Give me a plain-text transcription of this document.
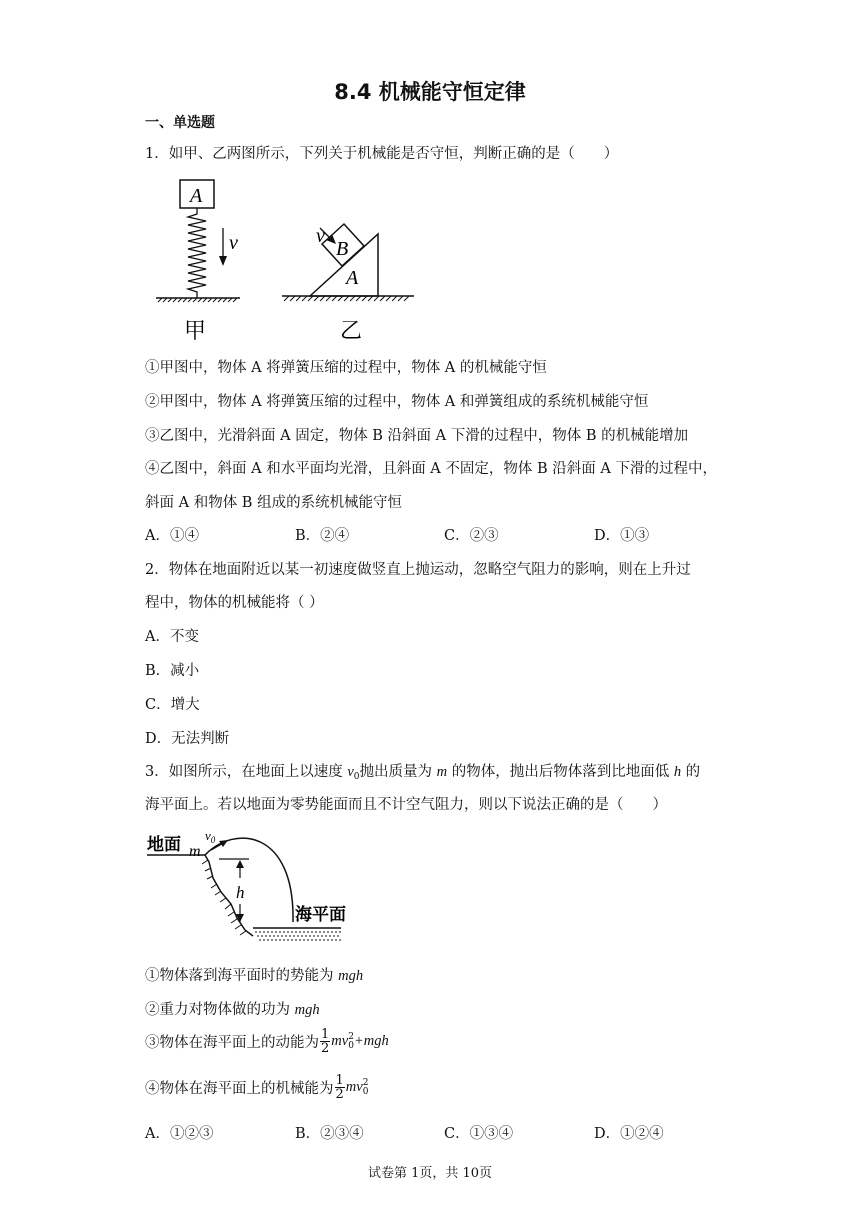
8.4 机械能守恒定律
一、单选题
1．如甲、乙两图所示，下列关于机械能是否守恒，判断正确的是（　　）
A
v
甲
A
B
v
乙
①甲图中，物体 A 将弹簧压缩的过程中，物体 A 的机械能守恒
②甲图中，物体 A 将弹簧压缩的过程中，物体 A 和弹簧组成的系统机械能守恒
③乙图中，光滑斜面 A 固定，物体 B 沿斜面 A 下滑的过程中，物体 B 的机械能增加
④乙图中，斜面 A 和水平面均光滑，且斜面 A 不固定，物体 B 沿斜面 A 下滑的过程中，
斜面 A 和物体 B 组成的系统机械能守恒
A．①④	B．②④	C．②③	D．①③
2．物体在地面附近以某一初速度做竖直上抛运动，忽略空气阻力的影响，则在上升过
程中，物体的机械能将（ ）
A．不变
B．减小
C．增大
D．无法判断
3．如图所示，在地面上以速度 $v_0$抛出质量为 m 的物体，抛出后物体落到比地面低 h 的
海平面上。若以地面为零势能面而且不计空气阻力，则以下说法正确的是（　　）
地面 m
$v_0$
h
海平面
①物体落到海平面时的势能为 mgh
②重力对物体做的功为 mgh
③物体在海平面上的动能为 $\frac{1}{2}$ mv 2
0 +mgh
④物体在海平面上的机械能为 $\frac{1}{2}$ mv 2
0
A．①②③	B．②③④	C．①③④	D．①②④
试卷第 1页，共 10页
